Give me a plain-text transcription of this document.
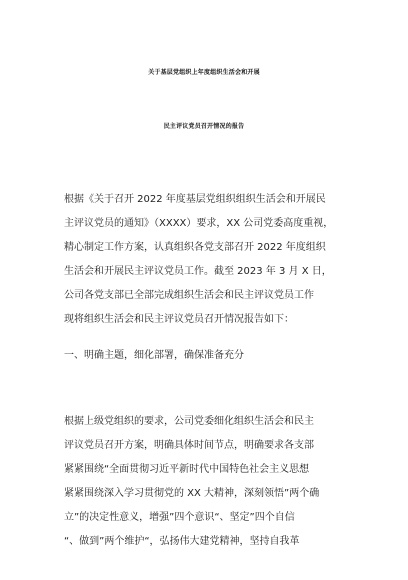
关于基层党组织上年度组织生活会和开展
民主评议党员召开情况的报告
根据《关于召开 2022 年度基层党组织组织生活会和开展民
主评议党员的通知》（XXXX）要求，XX 公司党委高度重视，
精心制定工作方案，认真组织各党支部召开 2022 年度组织
生活会和开展民主评议党员工作。截至 2023 年 3 月 X 日，
公司各党支部已全部完成组织生活会和民主评议党员工作
现将组织生活会和民主评议党员召开情况报告如下：
一、明确主题，细化部署，确保准备充分
根据上级党组织的要求，公司党委细化组织生活会和民主
评议党员召开方案，明确具体时间节点，明确要求各支部
紧紧围绕“全面贯彻习近平新时代中国特色社会主义思想
紧紧围绕深入学习贯彻党的 XX 大精神，深刻领悟”两个确
立”的决定性意义，增强”四个意识“、坚定”四个自信
“、做到”两个维护“，弘扬伟大建党精神，坚持自我革
